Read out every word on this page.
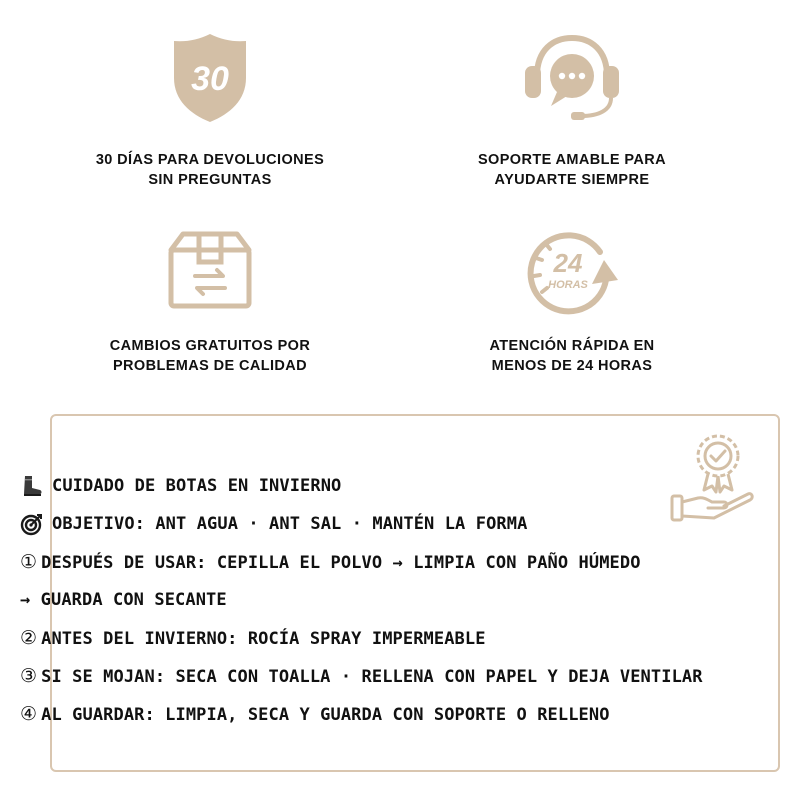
30
30 DÍAS PARA DEVOLUCIONES
SIN PREGUNTAS
SOPORTE AMABLE PARA
AYUDARTE SIEMPRE
CAMBIOS GRATUITOS POR
PROBLEMAS DE CALIDAD
24
HORAS
ATENCIÓN RÁPIDA EN
MENOS DE 24 HORAS
CUIDADO DE BOTAS EN INVIERNO
OBJETIVO: ANT AGUA · ANT SAL · MANTÉN LA FORMA
① DESPUÉS DE USAR: CEPILLA EL POLVO → LIMPIA CON PAÑO HÚMEDO
→ GUARDA CON SECANTE
② ANTES DEL INVIERNO: ROCÍA SPRAY IMPERMEABLE
③ SI SE MOJAN: SECA CON TOALLA · RELLENA CON PAPEL Y DEJA VENTILAR
④ AL GUARDAR: LIMPIA, SECA Y GUARDA CON SOPORTE O RELLENO
